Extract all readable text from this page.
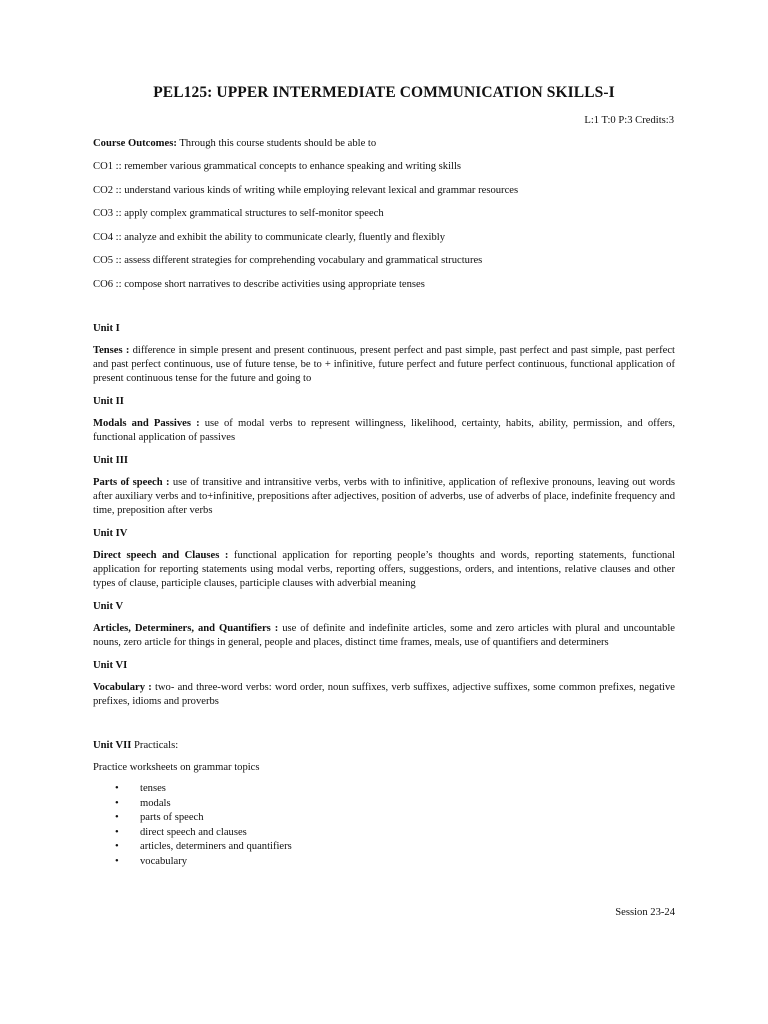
PEL125: UPPER INTERMEDIATE COMMUNICATION SKILLS-I
L:1 T:0 P:3 Credits:3

Course Outcomes: Through this course students should be able to

CO1 :: remember various grammatical concepts to enhance speaking and writing skills

CO2 :: understand various kinds of writing while employing relevant lexical and grammar resources

CO3 :: apply complex grammatical structures to self-monitor speech

CO4 :: analyze and exhibit the ability to communicate clearly, fluently and flexibly

CO5 :: assess different strategies for comprehending vocabulary and grammatical structures

CO6 :: compose short narratives to describe activities using appropriate tenses

Unit I

Tenses : difference in simple present and present continuous, present perfect and past simple, past perfect and past simple, past perfect and past perfect continuous, use of future tense, be to + infinitive, future perfect and future perfect continuous, functional application of present continuous tense for the future and going to

Unit II

Modals and Passives : use of modal verbs to represent willingness, likelihood, certainty, habits, ability, permission, and offers, functional application of passives

Unit III

Parts of speech : use of transitive and intransitive verbs, verbs with to infinitive, application of reflexive pronouns, leaving out words after auxiliary verbs and to+infinitive, prepositions after adjectives, position of adverbs, use of adverbs of place, indefinite frequency and time, preposition after verbs

Unit IV

Direct speech and Clauses : functional application for reporting people’s thoughts and words, reporting statements, functional application for reporting statements using modal verbs, reporting offers, suggestions, orders, and intentions, relative clauses and other types of clause, participle clauses, participle clauses with adverbial meaning

Unit V

Articles, Determiners, and Quantifiers : use of definite and indefinite articles, some and zero articles with plural and uncountable nouns, zero article for things in general, people and places, distinct time frames, meals, use of quantifiers and determiners

Unit VI

Vocabulary : two- and three-word verbs: word order, noun suffixes, verb suffixes, adjective suffixes, some common prefixes, negative prefixes, idioms and proverbs

Unit VII Practicals:

Practice worksheets on grammar topics

• tenses
• modals
• parts of speech
• direct speech and clauses
• articles, determiners and quantifiers
• vocabulary
Session 23-24
